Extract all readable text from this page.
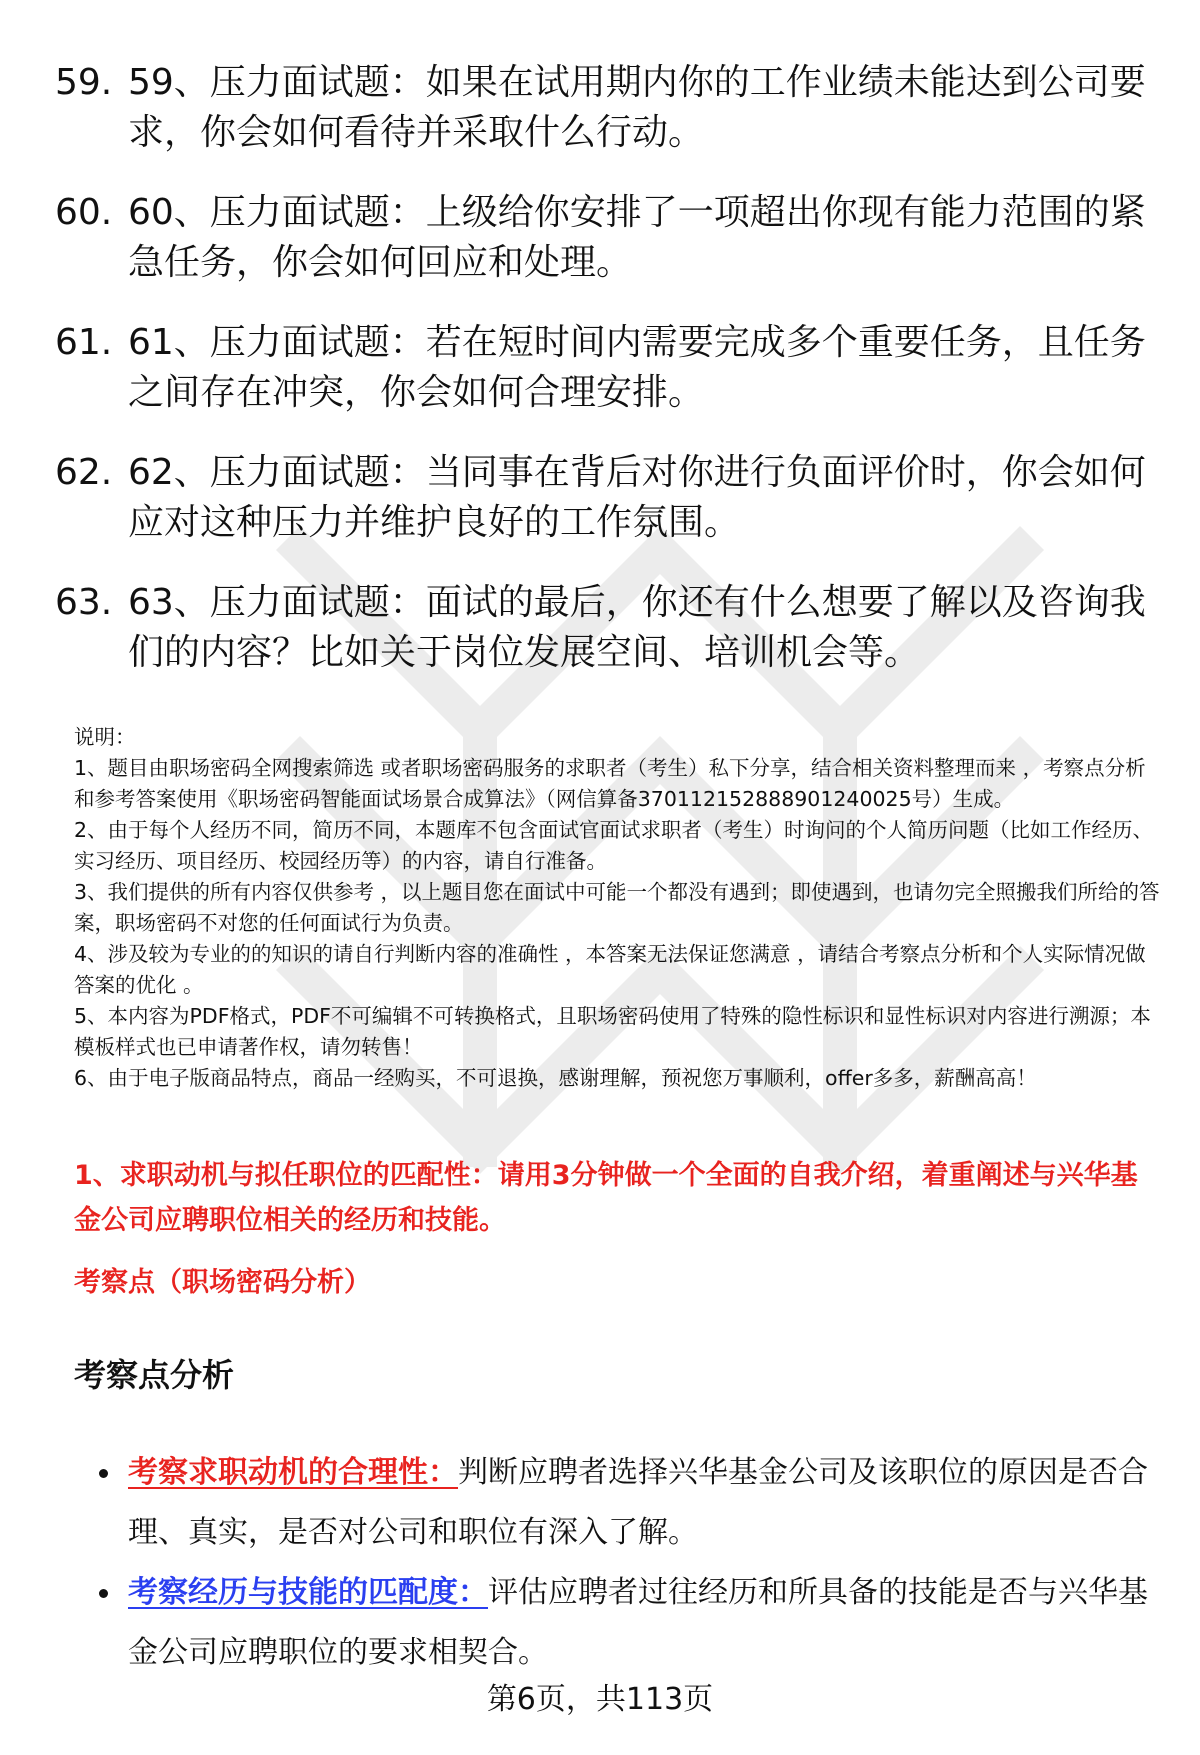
59. 59、压力面试题：如果在试用期内你的工作业绩未能达到公司要求，你会如何看待并采取什么行动。
60. 60、压力面试题：上级给你安排了一项超出你现有能力范围的紧急任务，你会如何回应和处理。
61. 61、压力面试题：若在短时间内需要完成多个重要任务，且任务之间存在冲突，你会如何合理安排。
62. 62、压力面试题：当同事在背后对你进行负面评价时，你会如何应对这种压力并维护良好的工作氛围。
63. 63、压力面试题：面试的最后，你还有什么想要了解以及咨询我们的内容？比如关于岗位发展空间、培训机会等。
说明：
1、题目由职场密码全网搜索筛选 或者职场密码服务的求职者（考生）私下分享，结合相关资料整理而来 ，考察点分析和参考答案使用《职场密码智能面试场景合成算法》（网信算备370112152888901240025号）生成。
2、由于每个人经历不同，简历不同，本题库不包含面试官面试求职者（考生）时询问的个人简历问题（比如工作经历、实习经历、项目经历、校园经历等）的内容，请自行准备。
3、我们提供的所有内容仅供参考 ，以上题目您在面试中可能一个都没有遇到；即使遇到，也请勿完全照搬我们所给的答案，职场密码不对您的任何面试行为负责。
4、涉及较为专业的的知识的请自行判断内容的准确性 ，本答案无法保证您满意 ，请结合考察点分析和个人实际情况做答案的优化 。
5、本内容为PDF格式，PDF不可编辑不可转换格式，且职场密码使用了特殊的隐性标识和显性标识对内容进行溯源；本模板样式也已申请著作权，请勿转售！
6、由于电子版商品特点，商品一经购买，不可退换，感谢理解，预祝您万事顺利，offer多多，薪酬高高！
1、求职动机与拟任职位的匹配性：请用3分钟做一个全面的自我介绍，着重阐述与兴华基金公司应聘职位相关的经历和技能。
考察点（职场密码分析）
考察点分析
考察求职动机的合理性：判断应聘者选择兴华基金公司及该职位的原因是否合理、真实，是否对公司和职位有深入了解。
考察经历与技能的匹配度：评估应聘者过往经历和所具备的技能是否与兴华基金公司应聘职位的要求相契合。
第6页，共113页
